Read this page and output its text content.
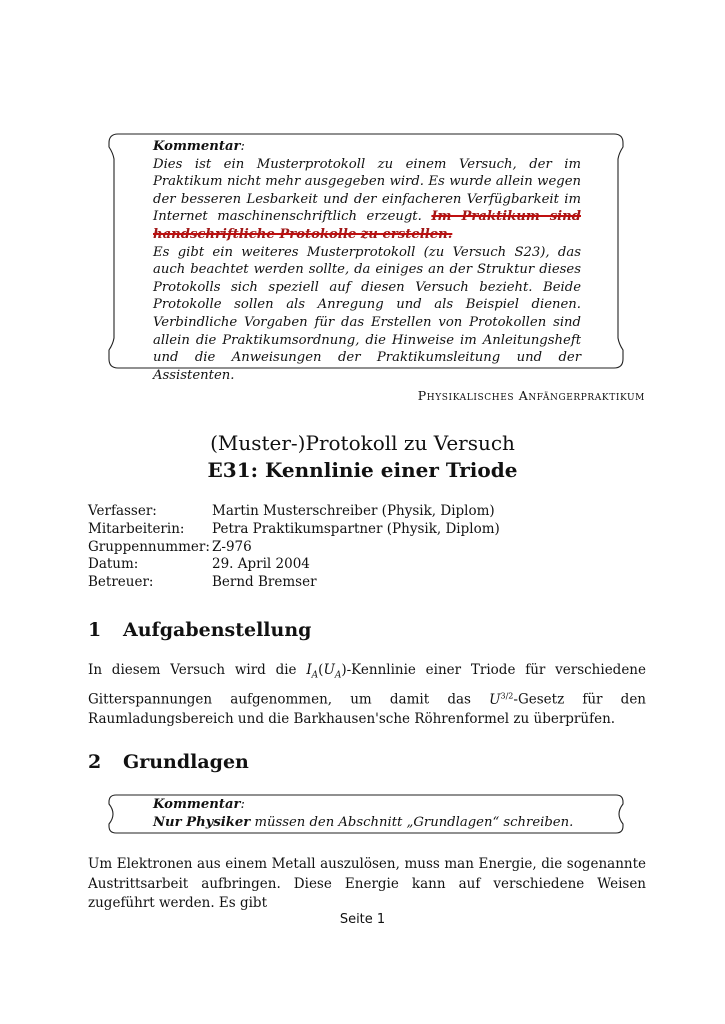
Kommentar:
Dies ist ein Musterprotokoll zu einem Versuch, der im Praktikum nicht mehr ausgegeben wird. Es wurde allein wegen der besseren Lesbarkeit und der einfacheren Verfügbarkeit im Internet maschinenschriftlich erzeugt. Im Praktikum sind handschriftliche Protokolle zu erstellen.
Es gibt ein weiteres Musterprotokoll (zu Versuch S23), das auch beachtet werden sollte, da einiges an der Struktur dieses Protokolls sich speziell auf diesen Versuch bezieht. Beide Protokolle sollen als Anregung und als Beispiel dienen. Verbindliche Vorgaben für das Erstellen von Protokollen sind allein die Praktikumsordnung, die Hinweise im Anleitungsheft und die Anweisungen der Praktikumsleitung und der Assistenten.
Physikalisches Anfängerpraktikum
(Muster-)Protokoll zu Versuch
E31: Kennlinie einer Triode
Verfasser:	Martin Musterschreiber (Physik, Diplom)
Mitarbeiterin:	Petra Praktikumspartner (Physik, Diplom)
Gruppennummer: Z-976
Datum:	29. April 2004
Betreuer:	Bernd Bremser
1 Aufgabenstellung
In diesem Versuch wird die $I_A(U_A)$-Kennlinie einer Triode für verschiedene Gitterspannungen aufgenommen, um damit das $U^{3/2}$-Gesetz für den Raumladungsbereich und die Barkhausen'sche Röhrenformel zu überprüfen.
2 Grundlagen
Kommentar:
Nur Physiker müssen den Abschnitt „Grundlagen“ schreiben.
Um Elektronen aus einem Metall auszulösen, muss man Energie, die sogenannte Austrittsarbeit aufbringen. Diese Energie kann auf verschiedene Weisen zugeführt werden. Es gibt
Seite 1
